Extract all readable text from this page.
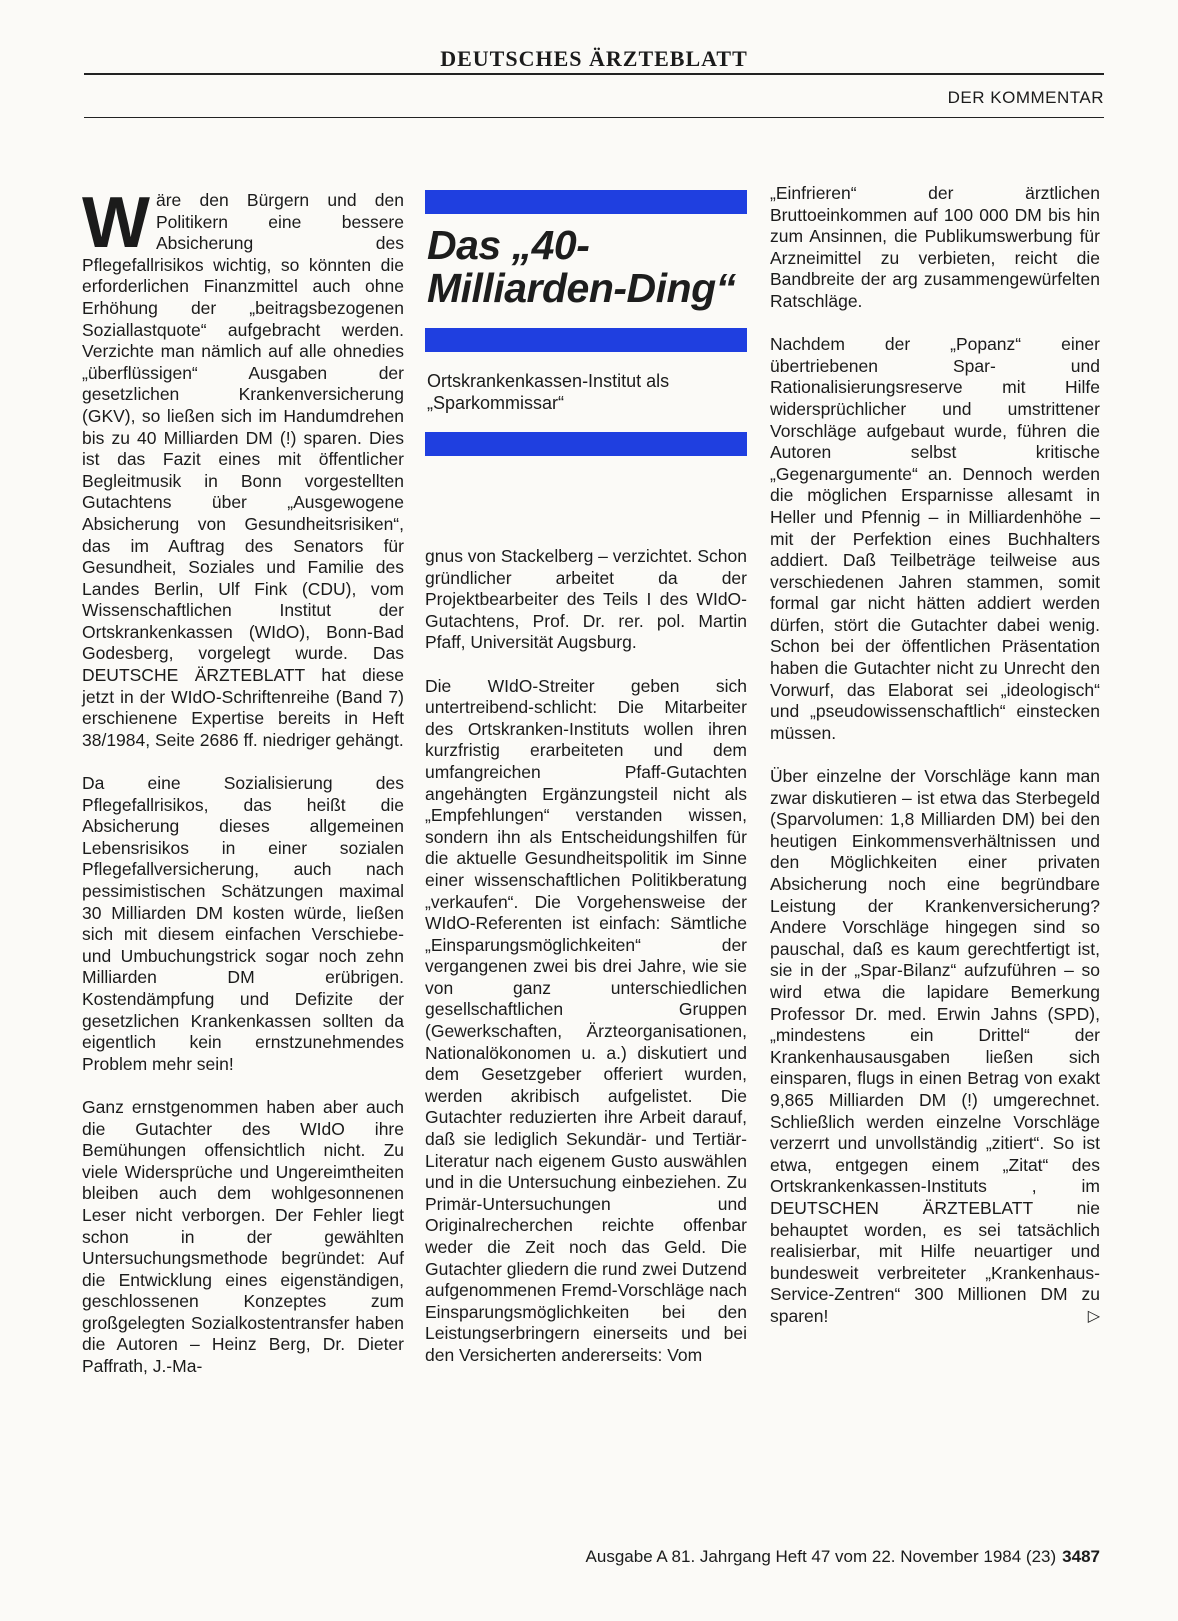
DEUTSCHES ÄRZTEBLATT
DER KOMMENTAR

Wäre den Bürgern und den Politikern eine bessere Absicherung des Pflegefallrisikos wichtig, so könnten die erforderlichen Finanzmittel auch ohne Erhöhung der „beitragsbezogenen Soziallastquote“ aufgebracht werden. Verzichte man nämlich auf alle ohnedies „überflüssigen“ Ausgaben der gesetzlichen Krankenversicherung (GKV), so ließen sich im Handumdrehen bis zu 40 Milliarden DM (!) sparen. Dies ist das Fazit eines mit öffentlicher Begleitmusik in Bonn vorgestellten Gutachtens über „Ausgewogene Absicherung von Gesundheitsrisiken“, das im Auftrag des Senators für Gesundheit, Soziales und Familie des Landes Berlin, Ulf Fink (CDU), vom Wissenschaftlichen Institut der Ortskrankenkassen (WIdO), Bonn-Bad Godesberg, vorgelegt wurde. Das DEUTSCHE ÄRZTEBLATT hat diese jetzt in der WIdO-Schriftenreihe (Band 7) erschienene Expertise bereits in Heft 38/1984, Seite 2686 ff. niedriger gehängt.

Da eine Sozialisierung des Pflegefallrisikos, das heißt die Absicherung dieses allgemeinen Lebensrisikos in einer sozialen Pflegefallversicherung, auch nach pessimistischen Schätzungen maximal 30 Milliarden DM kosten würde, ließen sich mit diesem einfachen Verschiebe- und Umbuchungstrick sogar noch zehn Milliarden DM erübrigen. Kostendämpfung und Defizite der gesetzlichen Krankenkassen sollten da eigentlich kein ernstzunehmendes Problem mehr sein!

Ganz ernstgenommen haben aber auch die Gutachter des WIdO ihre Bemühungen offensichtlich nicht. Zu viele Widersprüche und Ungereimtheiten bleiben auch dem wohlgesonnenen Leser nicht verborgen. Der Fehler liegt schon in der gewählten Untersuchungsmethode begründet: Auf die Entwicklung eines eigenständigen, geschlossenen Konzeptes zum großgelegten Sozialkostentransfer haben die Autoren – Heinz Berg, Dr. Dieter Paffrath, J.-Ma-

Das „40-Milliarden-Ding“
Ortskrankenkassen-Institut als „Sparkommissar“

gnus von Stackelberg – verzichtet. Schon gründlicher arbeitet da der Projektbearbeiter des Teils I des WIdO-Gutachtens, Prof. Dr. rer. pol. Martin Pfaff, Universität Augsburg.

Die WIdO-Streiter geben sich untertreibend-schlicht: Die Mitarbeiter des Ortskranken-Instituts wollen ihren kurzfristig erarbeiteten und dem umfangreichen Pfaff-Gutachten angehängten Ergänzungsteil nicht als „Empfehlungen“ verstanden wissen, sondern ihn als Entscheidungshilfen für die aktuelle Gesundheitspolitik im Sinne einer wissenschaftlichen Politikberatung „verkaufen“. Die Vorgehensweise der WIdO-Referenten ist einfach: Sämtliche „Einsparungsmöglichkeiten“ der vergangenen zwei bis drei Jahre, wie sie von ganz unterschiedlichen gesellschaftlichen Gruppen (Gewerkschaften, Ärzteorganisationen, Nationalökonomen u. a.) diskutiert und dem Gesetzgeber offeriert wurden, werden akribisch aufgelistet. Die Gutachter reduzierten ihre Arbeit darauf, daß sie lediglich Sekundär- und Tertiär-Literatur nach eigenem Gusto auswählen und in die Untersuchung einbeziehen. Zu Primär-Untersuchungen und Originalrecherchen reichte offenbar weder die Zeit noch das Geld. Die Gutachter gliedern die rund zwei Dutzend aufgenommenen Fremd-Vorschläge nach Einsparungsmöglichkeiten bei den Leistungserbringern einerseits und bei den Versicherten andererseits: Vom

„Einfrieren“ der ärztlichen Bruttoeinkommen auf 100 000 DM bis hin zum Ansinnen, die Publikumswerbung für Arzneimittel zu verbieten, reicht die Bandbreite der arg zusammengewürfelten Ratschläge.

Nachdem der „Popanz“ einer übertriebenen Spar- und Rationalisierungsreserve mit Hilfe widersprüchlicher und umstrittener Vorschläge aufgebaut wurde, führen die Autoren selbst kritische „Gegenargumente“ an. Dennoch werden die möglichen Ersparnisse allesamt in Heller und Pfennig – in Milliardenhöhe – mit der Perfektion eines Buchhalters addiert. Daß Teilbeträge teilweise aus verschiedenen Jahren stammen, somit formal gar nicht hätten addiert werden dürfen, stört die Gutachter dabei wenig. Schon bei der öffentlichen Präsentation haben die Gutachter nicht zu Unrecht den Vorwurf, das Elaborat sei „ideologisch“ und „pseudowissenschaftlich“ einstecken müssen.

Über einzelne der Vorschläge kann man zwar diskutieren – ist etwa das Sterbegeld (Sparvolumen: 1,8 Milliarden DM) bei den heutigen Einkommensverhältnissen und den Möglichkeiten einer privaten Absicherung noch eine begründbare Leistung der Krankenversicherung? Andere Vorschläge hingegen sind so pauschal, daß es kaum gerechtfertigt ist, sie in der „Spar-Bilanz“ aufzuführen – so wird etwa die lapidare Bemerkung Professor Dr. med. Erwin Jahns (SPD), „mindestens ein Drittel“ der Krankenhausausgaben ließen sich einsparen, flugs in einen Betrag von exakt 9,865 Milliarden DM (!) umgerechnet. Schließlich werden einzelne Vorschläge verzerrt und unvollständig „zitiert“. So ist etwa, entgegen einem „Zitat“ des Ortskrankenkassen-Instituts , im DEUTSCHEN ÄRZTEBLATT nie behauptet worden, es sei tatsächlich realisierbar, mit Hilfe neuartiger und bundesweit verbreiteter „Krankenhaus-Service-Zentren“ 300 Millionen DM zu sparen!	▷

Ausgabe A 81. Jahrgang Heft 47 vom 22. November 1984 (23) 3487
